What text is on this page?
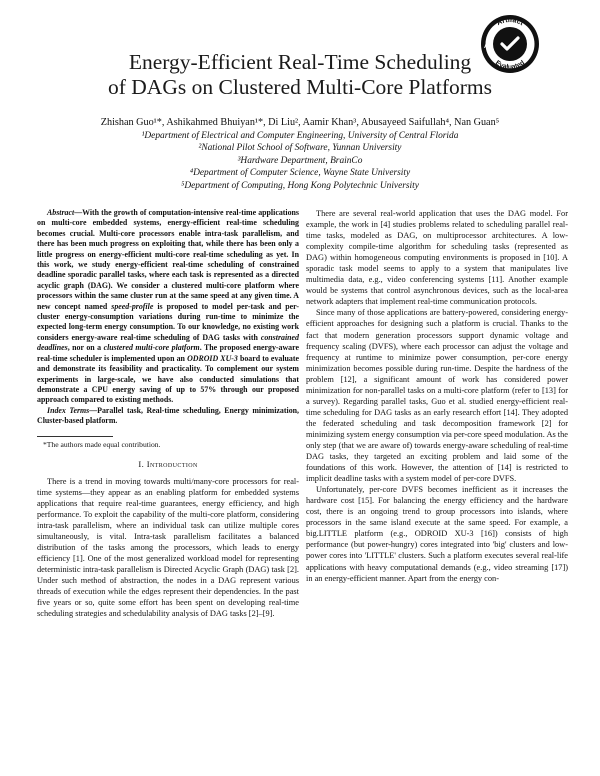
Energy-Efficient Real-Time Scheduling
of DAGs on Clustered Multi-Core Platforms
Artifact
Evaluated
AE
Zhishan Guo¹*, Ashikahmed Bhuiyan¹*, Di Liu², Aamir Khan³, Abusayeed Saifullah⁴, Nan Guan⁵
¹Department of Electrical and Computer Engineering, University of Central Florida
²National Pilot School of Software, Yunnan University
³Hardware Department, BrainCo
⁴Department of Computer Science, Wayne State University
⁵Department of Computing, Hong Kong Polytechnic University

Abstract—With the growth of computation-intensive real-time applications on multi-core embedded systems, energy-efficient real-time scheduling becomes crucial. Multi-core processors enable intra-task parallelism, and there has been much progress on exploiting that, while there has been only a little progress on energy-efficient multi-core real-time scheduling as yet. In this work, we study energy-efficient real-time scheduling of constrained deadline sporadic parallel tasks, where each task is represented as a directed acyclic graph (DAG). We consider a clustered multi-core platform where processors within the same cluster run at the same speed at any given time. A new concept named speed-profile is proposed to model per-task and per-cluster energy-consumption variations during run-time to minimize the expected long-term energy consumption. To our knowledge, no existing work considers energy-aware real-time scheduling of DAG tasks with constrained deadlines, nor on a clustered multi-core platform. The proposed energy-aware real-time scheduler is implemented upon an ODROID XU-3 board to evaluate and demonstrate its feasibility and practicality. To complement our system experiments in large-scale, we have also conducted simulations that demonstrate a CPU energy saving of up to 57% through our proposed approach compared to existing methods.

Index Terms—Parallel task, Real-time scheduling, Energy minimization, Cluster-based platform.

*The authors made equal contribution.
I. Introduction

There is a trend in moving towards multi/many-core processors for real-time systems—they appear as an enabling platform for embedded systems applications that require real-time guarantees, energy efficiency, and high performance. To exploit the capability of the multi-core platform, considering intra-task parallelism, where an individual task can utilize multiple cores simultaneously, is vital. Intra-task parallelism facilitates a balanced distribution of the tasks among the processors, which leads to energy efficiency [1]. One of the most generalized workload model for representing deterministic intra-task parallelism is Directed Acyclic Graph (DAG) task [2]. Under such method of abstraction, the nodes in a DAG represent various threads of execution while the edges represent their dependencies. In the past five years or so, quite some effort has been spent on developing real-time scheduling strategies and schedulability analysis of DAG tasks [2]–[9].

There are several real-world application that uses the DAG model. For example, the work in [4] studies problems related to scheduling parallel real-time tasks, modeled as DAG, on multiprocessor architectures. A low-complexity compile-time algorithm for scheduling tasks (represented as DAG) within homogeneous computing environments is proposed in [10]. A sporadic task model seems to apply to a system that manipulates live multimedia data, e.g., video conferencing systems [11]. Another example would be systems that control asynchronous devices, such as the local-area network adapters that implement real-time communication protocols.

Since many of those applications are battery-powered, considering energy-efficient approaches for designing such a platform is crucial. Thanks to the fact that modern generation processors support dynamic voltage and frequency scaling (DVFS), where each processor can adjust the voltage and frequency at runtime to minimize power consumption, per-core energy minimization becomes possible during run-time. Despite the hardness of the problem [12], a significant amount of work has considered power minimization for non-parallel tasks on a multi-core platform (refer to [13] for a survey). Regarding parallel tasks, Guo et al. studied energy-efficient real-time scheduling for DAG tasks as an early research effort [14]. They adopted the federated scheduling and task decomposition framework [2] for minimizing system energy consumption via per-core speed modulation. As the only step (that we are aware of) towards energy-aware scheduling of real-time DAG tasks, they targeted an exciting problem and laid some of the foundations of this work. However, the attention of [14] is restricted to implicit deadline tasks with a system model of per-core DVFS.

Unfortunately, per-core DVFS becomes inefficient as it increases the hardware cost [15]. For balancing the energy efficiency and the hardware cost, there is an ongoing trend to group processors into islands, where processors in the same island execute at the same speed. For example, a big.LITTLE platform (e.g., ODROID XU-3 [16]) consists of high performance (but power-hungry) cores integrated into 'big' clusters and low-power cores into 'LITTLE' clusters. Such a platform executes several real-life applications with heavy computational demands (e.g., video streaming [17]) in an energy-efficient manner. Apart from the energy con-
